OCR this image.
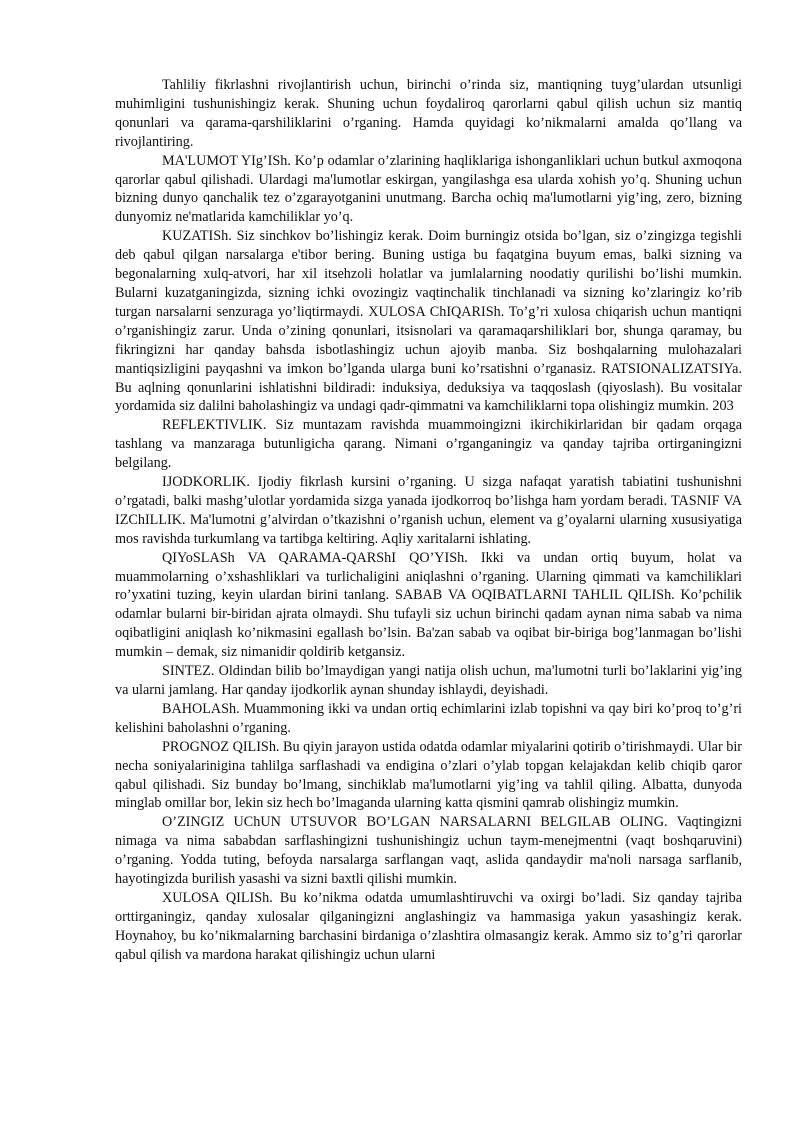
Tahliliy fikrlashni rivojlantirish uchun, birinchi o’rinda siz, mantiqning tuyg’ulardan utsunligi muhimligini tushunishingiz kerak. Shuning uchun foydaliroq qarorlarni qabul qilish uchun siz mantiq qonunlari va qarama-qarshiliklarini o’rganing. Hamda quyidagi ko’nikmalarni amalda qo’llang va rivojlantiring.

MA'LUMOT YIg’ISh. Ko’p odamlar o’zlarining haqliklariga ishonganliklari uchun butkul axmoqona qarorlar qabul qilishadi. Ulardagi ma'lumotlar eskirgan, yangilashga esa ularda xohish yo’q. Shuning uchun bizning dunyo qanchalik tez o’zgarayotganini unutmang. Barcha ochiq ma'lumotlarni yig’ing, zero, bizning dunyomiz ne'matlarida kamchiliklar yo’q.

KUZATISh. Siz sinchkov bo’lishingiz kerak. Doim burningiz otsida bo’lgan, siz o’zingizga tegishli deb qabul qilgan narsalarga e'tibor bering. Buning ustiga bu faqatgina buyum emas, balki sizning va begonalarning xulq-atvori, har xil itsehzoli holatlar va jumlalarning noodatiy qurilishi bo’lishi mumkin. Bularni kuzatganingizda, sizning ichki ovozingiz vaqtinchalik tinchlanadi va sizning ko’zlaringiz ko’rib turgan narsalarni senzuraga yo’liqtirmaydi. XULOSA ChIQARISh. To’g’ri xulosa chiqarish uchun mantiqni o’rganishingiz zarur. Unda o’zining qonunlari, itsisnolari va qaramaqarshiliklari bor, shunga qaramay, bu fikringizni har qanday bahsda isbotlashingiz uchun ajoyib manba. Siz boshqalarning mulohazalari mantiqsizligini payqashni va imkon bo’lganda ularga buni ko’rsatishni o’rganasiz. RATSIONALIZATSIYa. Bu aqlning qonunlarini ishlatishni bildiradi: induksiya, deduksiya va taqqoslash (qiyoslash). Bu vositalar yordamida siz dalilni baholashingiz va undagi qadr-qimmatni va kamchiliklarni topa olishingiz mumkin. 203

REFLEKTIVLIK. Siz muntazam ravishda muammoingizni ikirchikirlaridan bir qadam orqaga tashlang va manzaraga butunligicha qarang. Nimani o’rganganingiz va qanday tajriba ortirganingizni belgilang.

IJODKORLIK. Ijodiy fikrlash kursini o’rganing. U sizga nafaqat yaratish tabiatini tushunishni o’rgatadi, balki mashg’ulotlar yordamida sizga yanada ijodkorroq bo’lishga ham yordam beradi. TASNIF VA IZChILLIK. Ma'lumotni g’alvirdan o’tkazishni o’rganish uchun, element va g’oyalarni ularning xususiyatiga mos ravishda turkumlang va tartibga keltiring. Aqliy xaritalarni ishlating.

QIYoSLASh VA QARAMA-QARShI QO’YISh. Ikki va undan ortiq buyum, holat va muammolarning o’xshashliklari va turlichaligini aniqlashni o’rganing. Ularning qimmati va kamchiliklari ro’yxatini tuzing, keyin ulardan birini tanlang. SABAB VA OQIBATLARNI TAHLIL QILISh. Ko’pchilik odamlar bularni bir-biridan ajrata olmaydi. Shu tufayli siz uchun birinchi qadam aynan nima sabab va nima oqibatligini aniqlash ko’nikmasini egallash bo’lsin. Ba'zan sabab va oqibat bir-biriga bog’lanmagan bo’lishi mumkin – demak, siz nimanidir qoldirib ketgansiz.

SINTEZ. Oldindan bilib bo’lmaydigan yangi natija olish uchun, ma'lumotni turli bo’laklarini yig’ing va ularni jamlang. Har qanday ijodkorlik aynan shunday ishlaydi, deyishadi.

BAHOLASh. Muammoning ikki va undan ortiq echimlarini izlab topishni va qay biri ko’proq to’g’ri kelishini baholashni o’rganing.

PROGNOZ QILISh. Bu qiyin jarayon ustida odatda odamlar miyalarini qotirib o’tirishmaydi. Ular bir necha soniyalarinigina tahlilga sarflashadi va endigina o’zlari o’ylab topgan kelajakdan kelib chiqib qaror qabul qilishadi. Siz bunday bo’lmang, sinchiklab ma'lumotlarni yig’ing va tahlil qiling. Albatta, dunyoda minglab omillar bor, lekin siz hech bo’lmaganda ularning katta qismini qamrab olishingiz mumkin.

O’ZINGIZ UChUN UTSUVOR BO’LGAN NARSALARNI BELGILAB OLING. Vaqtingizni nimaga va nima sababdan sarflashingizni tushunishingiz uchun taym-menejmentni (vaqt boshqaruvini) o’rganing. Yodda tuting, befoyda narsalarga sarflangan vaqt, aslida qandaydir ma'noli narsaga sarflanib, hayotingizda burilish yasashi va sizni baxtli qilishi mumkin.

XULOSA QILISh. Bu ko’nikma odatda umumlashtiruvchi va oxirgi bo’ladi. Siz qanday tajriba orttirganingiz, qanday xulosalar qilganingizni anglashingiz va hammasiga yakun yasashingiz kerak. Hoynahoy, bu ko’nikmalarning barchasini birdaniga o’zlashtira olmasangiz kerak. Ammo siz to’g’ri qarorlar qabul qilish va mardona harakat qilishingiz uchun ularni
